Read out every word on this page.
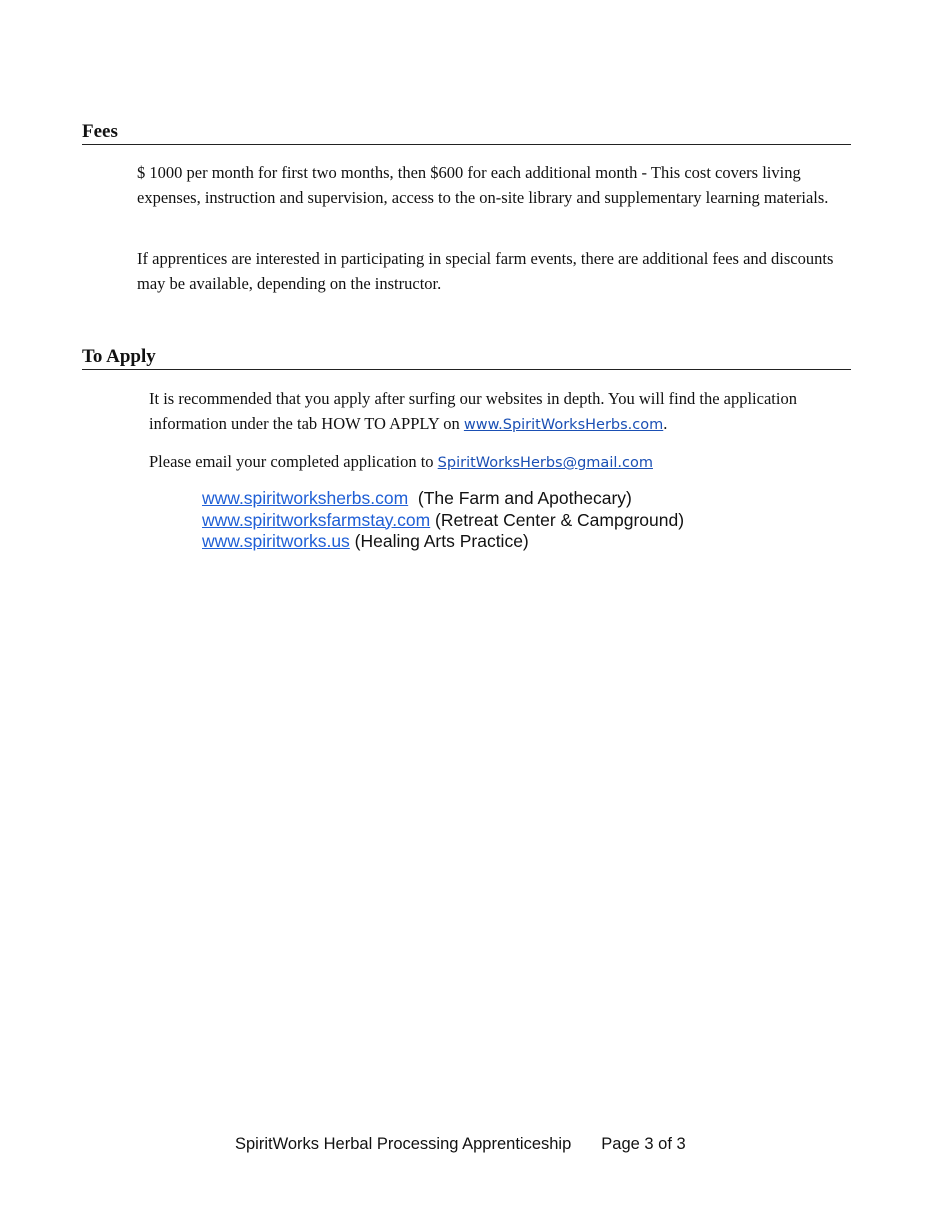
Fees

$ 1000 per month for first two months, then $600 for each additional month - This cost covers living expenses, instruction and supervision, access to the on-site library and supplementary learning materials.

If apprentices are interested in participating in special farm events, there are additional fees and discounts may be available, depending on the instructor.

To Apply

It is recommended that you apply after surfing our websites in depth. You will find the application information under the tab HOW TO APPLY on www.SpiritWorksHerbs.com.

Please email your completed application to SpiritWorksHerbs@gmail.com

www.spiritworksherbs.com  (The Farm and Apothecary)
www.spiritworksfarmstay.com (Retreat Center & Campground)
www.spiritworks.us (Healing Arts Practice)
SpiritWorks Herbal Processing Apprenticeship Page 3 of 3
